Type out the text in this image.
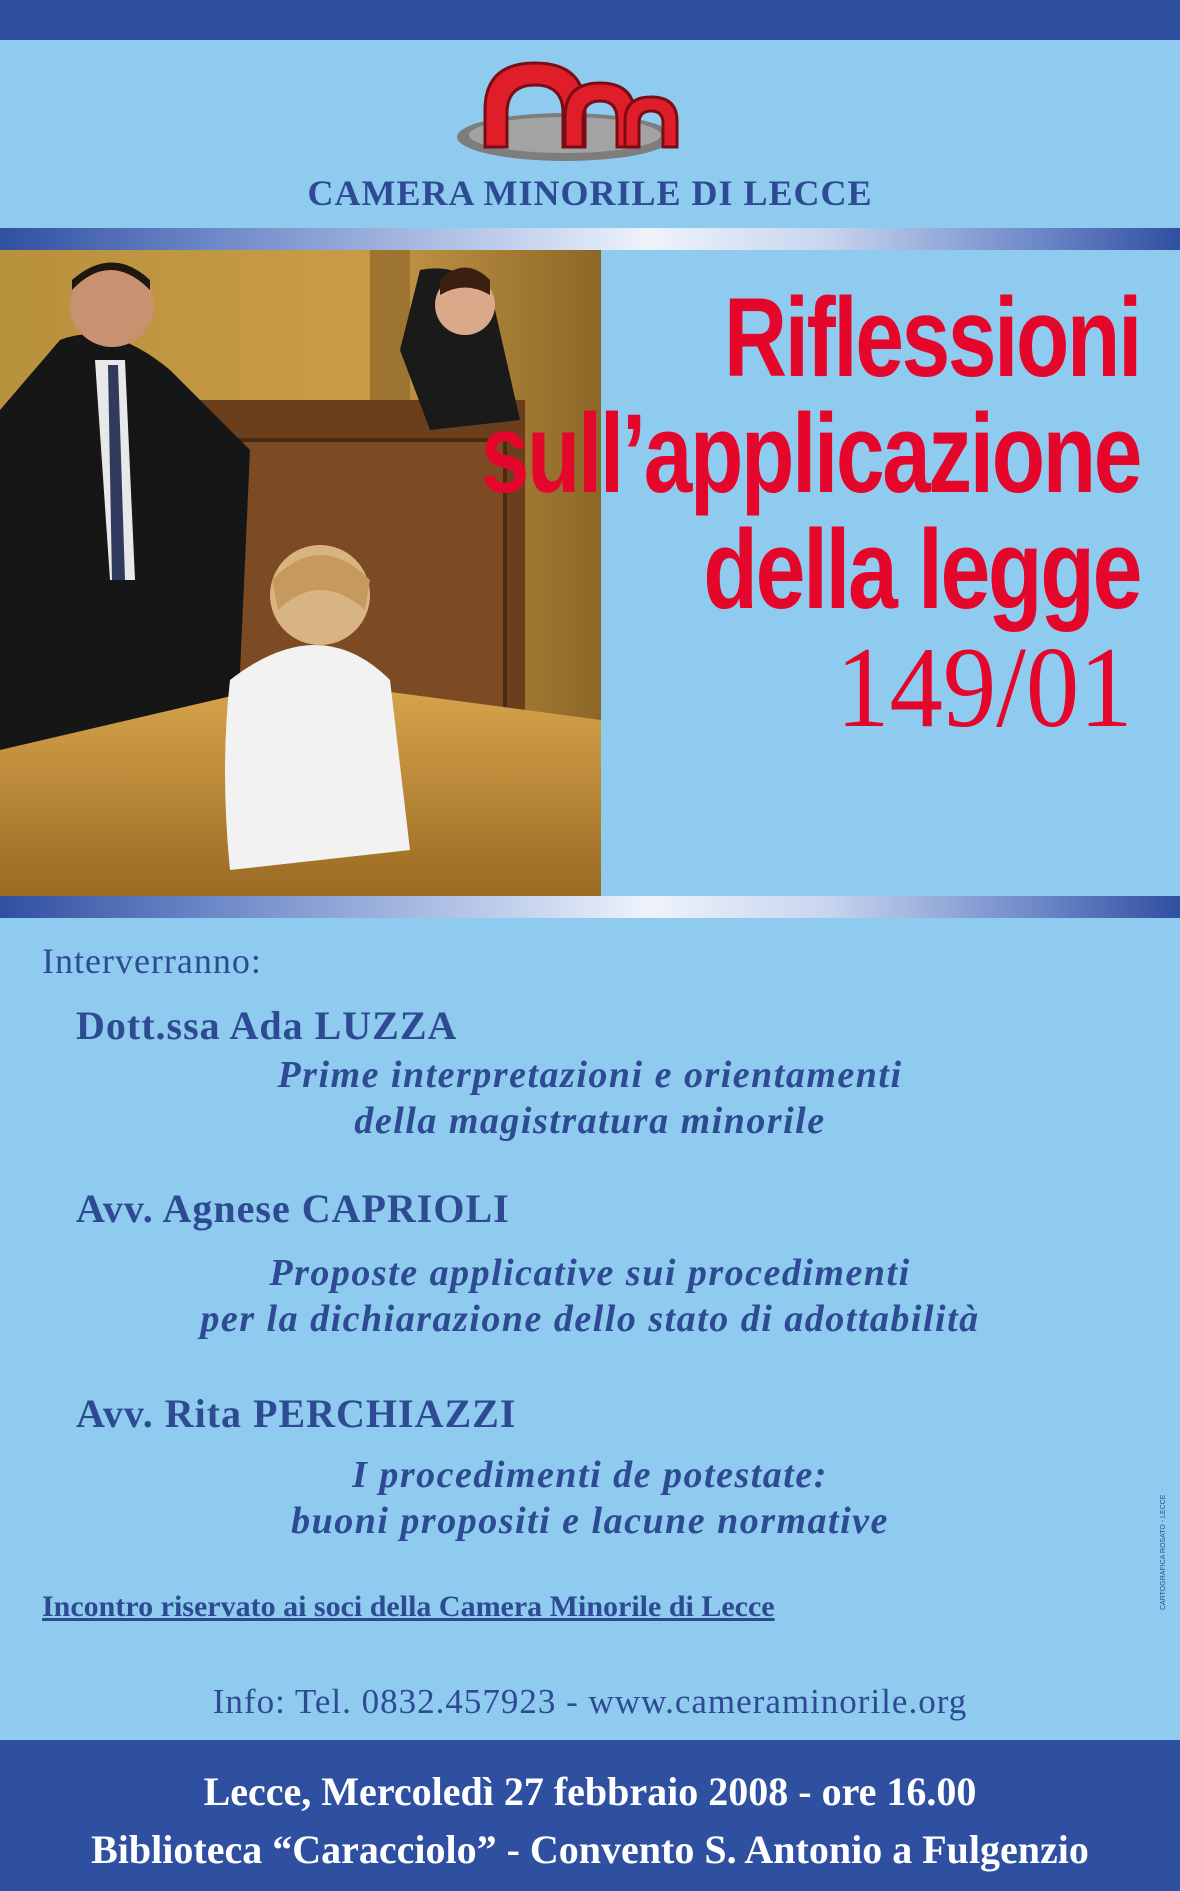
CAMERA MINORILE DI LECCE
Riflessioni
sull’applicazione
della legge
149/01
Interverranno:
Dott.ssa Ada LUZZA
Prime interpretazioni e orientamenti
della magistratura minorile
Avv. Agnese CAPRIOLI
Proposte applicative sui procedimenti
per la dichiarazione dello stato di adottabilità
Avv. Rita PERCHIAZZI
I procedimenti de potestate:
buoni propositi e lacune normative
Incontro riservato ai soci della Camera Minorile di Lecce
Info: Tel. 0832.457923 - www.cameraminorile.org
CARTOGRAFICA ROSATO - LECCE
Lecce, Mercoledì 27 febbraio 2008 - ore 16.00
Biblioteca “Caracciolo” - Convento S. Antonio a Fulgenzio
